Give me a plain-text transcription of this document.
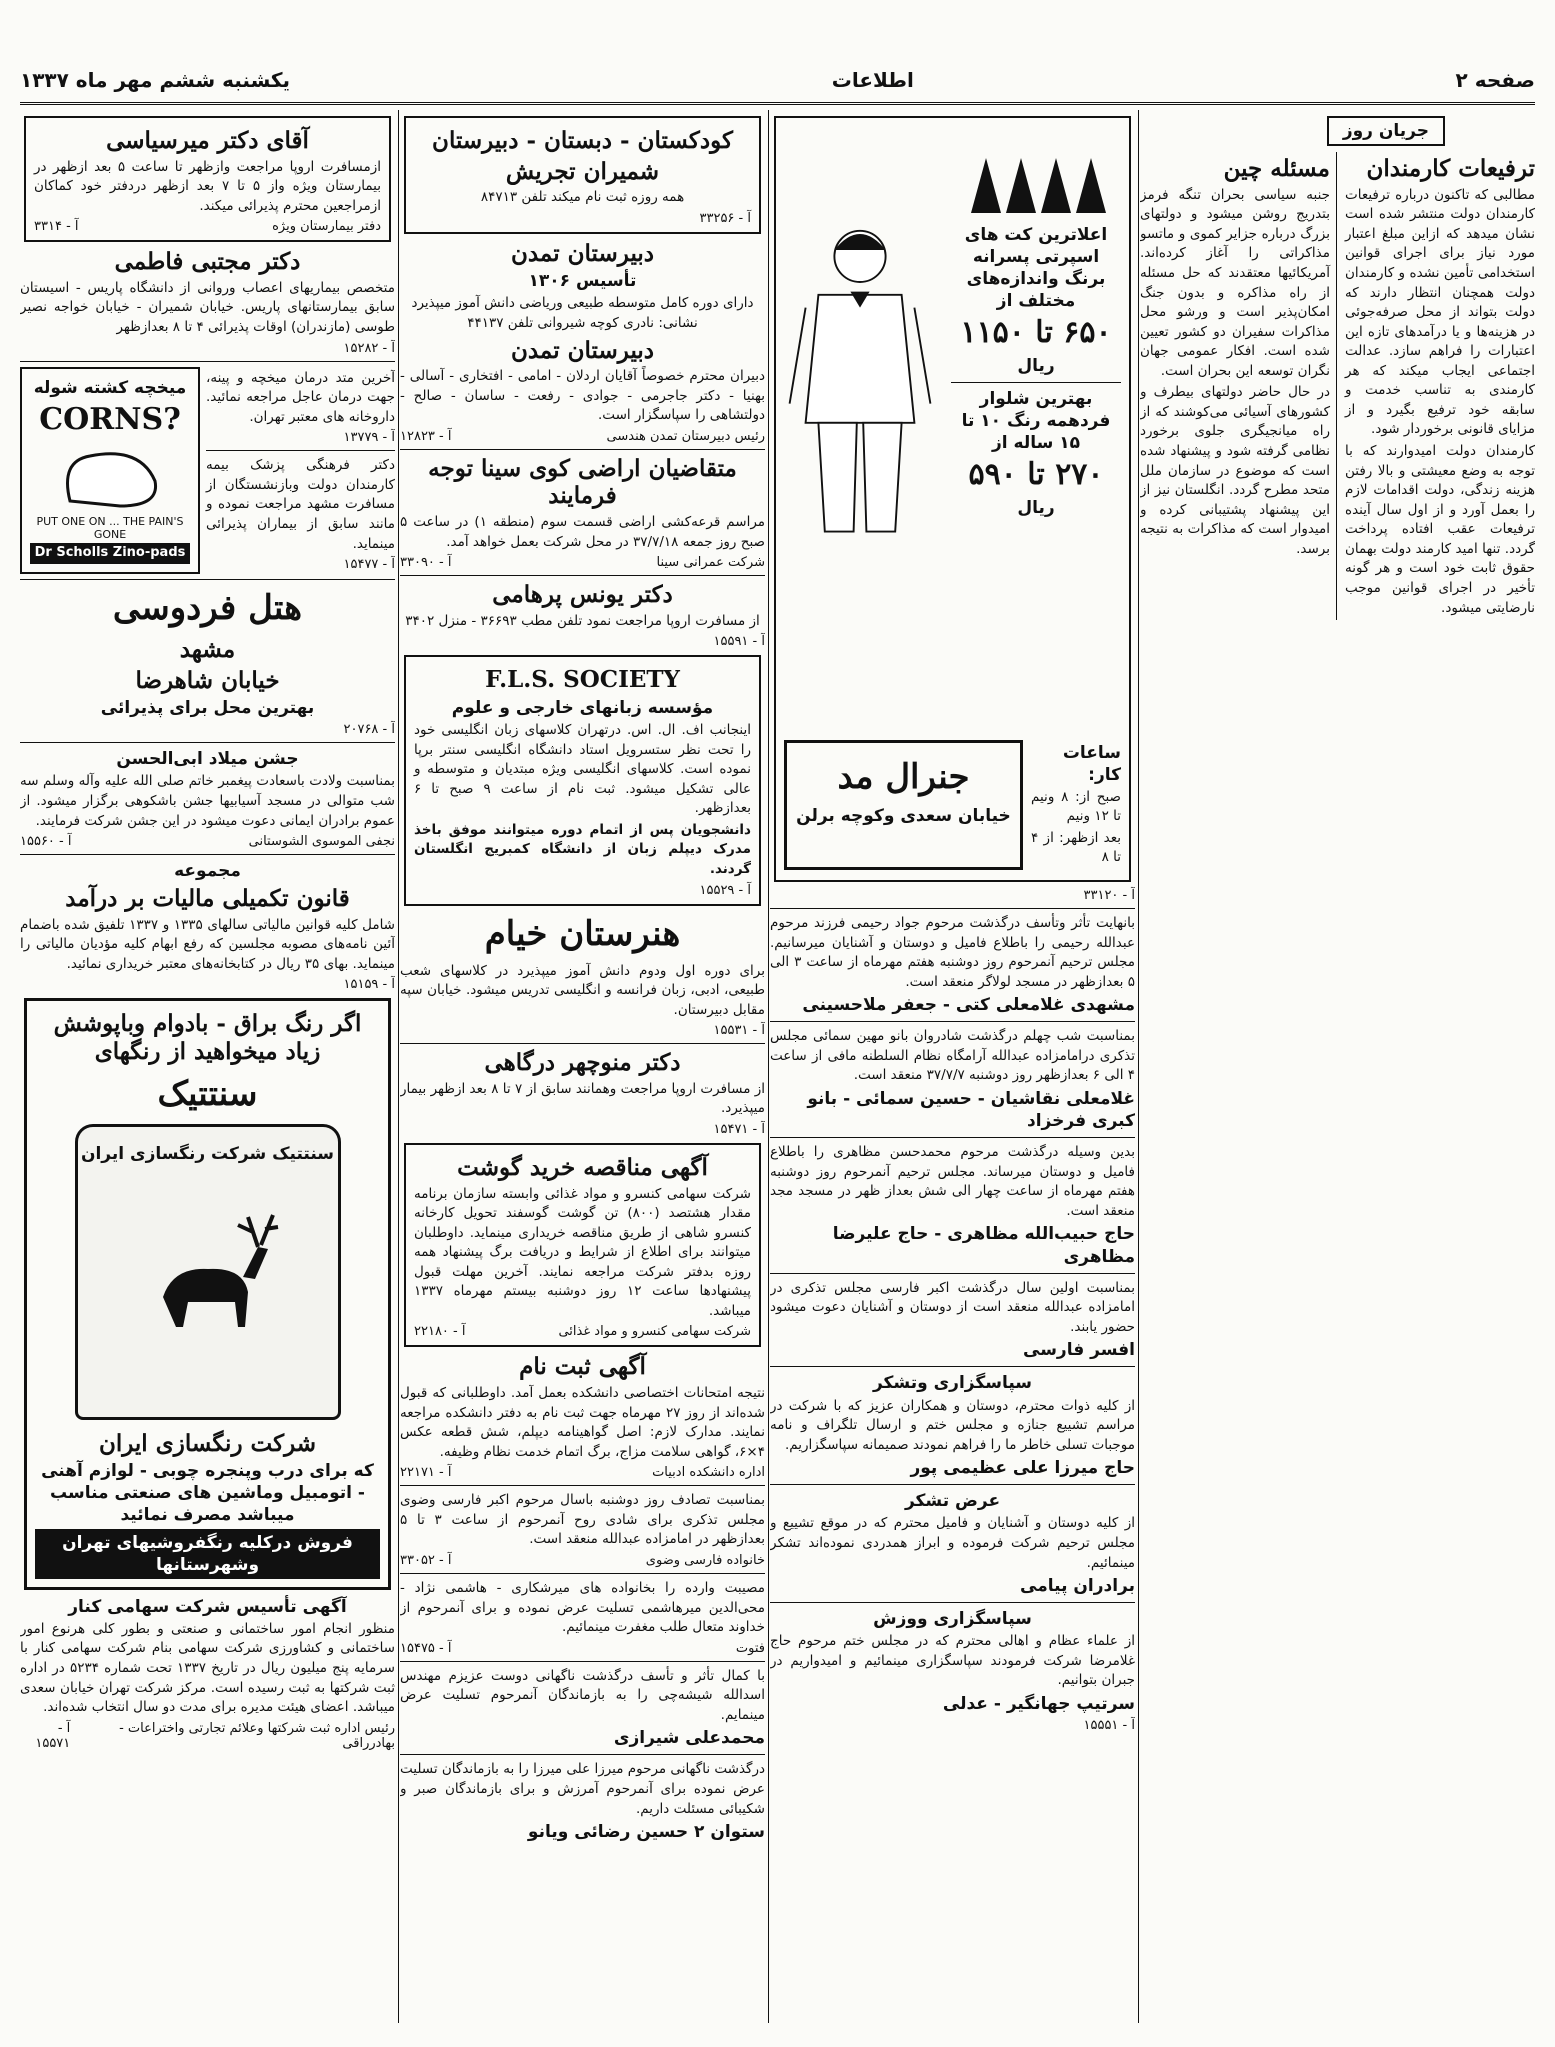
یکشنبه ششم مهر ماه ۱۳۳۷	اطلاعات	صفحه ۲
جریان روز
ترفیعات کارمندان

مطالبی که تاکنون درباره ترفیعات کارمندان دولت منتشر شده است نشان میدهد که ازاین مبلغ اعتبار مورد نیاز برای اجرای قوانین استخدامی تأمین نشده و کارمندان دولت همچنان انتظار دارند که دولت بتواند از محل صرفه‌جوئی در هزینه‌ها و یا درآمدهای تازه این اعتبارات را فراهم سازد. عدالت اجتماعی ایجاب میکند که هر کارمندی به تناسب خدمت و سابقه خود ترفیع بگیرد و از مزایای قانونی برخوردار شود.

کارمندان دولت امیدوارند که با توجه به وضع معیشتی و بالا رفتن هزینه زندگی، دولت اقدامات لازم را بعمل آورد و از اول سال آینده ترفیعات عقب افتاده پرداخت گردد. تنها امید کارمند دولت بهمان حقوق ثابت خود است و هر گونه تأخیر در اجرای قوانین موجب نارضایتی میشود.

مسئله چین

جنبه سیاسی بحران تنگه فرمز بتدریج روشن میشود و دولتهای بزرگ درباره جزایر کموی و ماتسو مذاکراتی را آغاز کرده‌اند. آمریکائیها معتقدند که حل مسئله از راه مذاکره و بدون جنگ امکان‌پذیر است و ورشو محل مذاکرات سفیران دو کشور تعیین شده است. افکار عمومی جهان نگران توسعه این بحران است.

در حال حاضر دولتهای بیطرف و کشورهای آسیائی می‌کوشند که از راه میانجیگری جلوی برخورد نظامی گرفته شود و پیشنهاد شده است که موضوع در سازمان ملل متحد مطرح گردد. انگلستان نیز از این پیشنهاد پشتیبانی کرده و امیدوار است که مذاکرات به نتیجه برسد.

اعلاترین کت های اسپرتی پسرانه برنگ واندازه‌های مختلف از
۶۵۰ تا ۱۱۵۰
ریال
بهترین شلوار فردهمه رنگ ۱۰ تا ۱۵ ساله از
۲۷۰ تا ۵۹۰
ریال
ساعات کار:
صبح از: ۸ ونیم تا ۱۲ ونیم
بعد ازظهر: از ۴ تا ۸
جنرال مد
خیابان سعدی وکوچه برلن
آ - ۳۳۱۲۰

بانهایت تأثر وتأسف درگذشت مرحوم جواد رحیمی فرزند مرحوم عبدالله رحیمی را باطلاع فامیل و دوستان و آشنایان میرسانیم. مجلس ترحیم آنمرحوم روز دوشنبه هفتم مهرماه از ساعت ۳ الی ۵ بعدازظهر در مسجد لولاگر منعقد است.

مشهدی غلامعلی کتی - جعفر ملاحسینی

بمناسبت شب چهلم درگذشت شادروان بانو مهین سمائی مجلس تذکری درامامزاده عبدالله آرامگاه نظام السلطنه مافی از ساعت ۴ الی ۶ بعدازظهر روز دوشنبه ۳۷/۷/۷ منعقد است.

غلامعلی نقاشیان - حسین سمائی - بانو کبری فرخزاد

بدین وسیله درگذشت مرحوم محمدحسن مظاهری را باطلاع فامیل و دوستان میرساند. مجلس ترحیم آنمرحوم روز دوشنبه هفتم مهرماه از ساعت چهار الی شش بعداز ظهر در مسجد مجد منعقد است.

حاج حبیب‌الله مظاهری - حاج علیرضا مظاهری

بمناسبت اولین سال درگذشت اکبر فارسی مجلس تذکری در امامزاده عبدالله منعقد است از دوستان و آشنایان دعوت میشود حضور یابند.

افسر فارسی
سپاسگزاری وتشکر

از کلیه ذوات محترم، دوستان و همکاران عزیز که با شرکت در مراسم تشییع جنازه و مجلس ختم و ارسال تلگراف و نامه موجبات تسلی خاطر ما را فراهم نمودند صمیمانه سپاسگزاریم.

حاج میرزا علی عظیمی پور
عرض تشکر

از کلیه دوستان و آشنایان و فامیل محترم که در موقع تشییع و مجلس ترحیم شرکت فرموده و ابراز همدردی نموده‌اند تشکر مینمائیم.

برادران پیامی
سپاسگزاری ووزش

از علماء عظام و اهالی محترم که در مجلس ختم مرحوم حاج غلامرضا شرکت فرمودند سپاسگزاری مینمائیم و امیدواریم در جبران بتوانیم.

سرتیپ جهانگیر - عدلی
آ - ۱۵۵۵۱
کودکستان - دبستان - دبیرستان
شمیران تجریش
همه روزه ثبت نام میکند تلفن ۸۴۷۱۳
آ - ۳۳۲۵۶
دبیرستان تمدن
تأسیس ۱۳۰۶

دارای دوره کامل متوسطه طبیعی وریاضی دانش آموز میپذیرد نشانی: نادری کوچه شیروانی تلفن ۴۴۱۳۷

دبیرستان تمدن

دبیران محترم خصوصاً آقایان اردلان - امامی - افتخاری - آسالی - بهنیا - دکتر جاجرمی - جوادی - رفعت - ساسان - صالح - دولتشاهی را سپاسگزار است.

رئیس دبیرستان تمدن هندسی
آ - ۱۲۸۲۳
متقاضیان اراضی کوی سینا توجه فرمایند

مراسم قرعه‌کشی اراضی قسمت سوم (منطقه ۱) در ساعت ۵ صبح روز جمعه ۳۷/۷/۱۸ در محل شرکت بعمل خواهد آمد.

شرکت عمرانی سینا
آ - ۳۳۰۹۰
دکتر یونس پرهامی

از مسافرت اروپا مراجعت نمود تلفن مطب ۳۶۶۹۳ - منزل ۳۴۰۲

آ - ۱۵۵۹۱
F.L.S. SOCIETY
مؤسسه زبانهای خارجی و علوم

اینجانب اف. ال. اس. درتهران کلاسهای زبان انگلیسی خود را تحت نظر ستسرویل استاد دانشگاه انگلیسی سنتر برپا نموده است. کلاسهای انگلیسی ویژه مبتدیان و متوسطه و عالی تشکیل میشود. ثبت نام از ساعت ۹ صبح تا ۶ بعدازظهر.

دانشجویان پس از اتمام دوره میتوانند موفق باخذ مدرک دیپلم زبان از دانشگاه کمبریج انگلستان گردند.

آ - ۱۵۵۲۹
هنرستان خیام

برای دوره اول ودوم دانش آموز میپذیرد در کلاسهای شعب طبیعی، ادبی، زبان فرانسه و انگلیسی تدریس میشود. خیابان سپه مقابل دبیرستان.

آ - ۱۵۵۳۱
دکتر منوچهر درگاهی

از مسافرت اروپا مراجعت وهمانند سابق از ۷ تا ۸ بعد ازظهر بیمار میپذیرد.

آ - ۱۵۴۷۱
آگهی مناقصه خرید گوشت

شرکت سهامی کنسرو و مواد غذائی وابسته سازمان برنامه مقدار هشتصد (۸۰۰) تن گوشت گوسفند تحویل کارخانه کنسرو شاهی از طریق مناقصه خریداری مینماید. داوطلبان میتوانند برای اطلاع از شرایط و دریافت برگ پیشنهاد همه روزه بدفتر شرکت مراجعه نمایند. آخرین مهلت قبول پیشنهادها ساعت ۱۲ روز دوشنبه بیستم مهرماه ۱۳۳۷ میباشد.

شرکت سهامی کنسرو و مواد غذائی
آ - ۲۲۱۸۰
آگهی ثبت نام

نتیجه امتحانات اختصاصی دانشکده بعمل آمد. داوطلبانی که قبول شده‌اند از روز ۲۷ مهرماه جهت ثبت نام به دفتر دانشکده مراجعه نمایند. مدارک لازم: اصل گواهینامه دیپلم، شش قطعه عکس ۴×۶، گواهی سلامت مزاج، برگ اتمام خدمت نظام وظیفه.

اداره دانشکده ادبیات
آ - ۲۲۱۷۱

بمناسبت تصادف روز دوشنبه باسال مرحوم اکبر فارسی وضوی مجلس تذکری برای شادی روح آنمرحوم از ساعت ۳ تا ۵ بعدازظهر در امامزاده عبدالله منعقد است.

خانواده فارسی وضوی
آ - ۳۳۰۵۲

مصیبت وارده را بخانواده های میرشکاری - هاشمی نژاد - محی‌الدین میرهاشمی تسلیت عرض نموده و برای آنمرحوم از خداوند متعال طلب مغفرت مینمائیم.

فتوت
آ - ۱۵۴۷۵

با کمال تأثر و تأسف درگذشت ناگهانی دوست عزیزم مهندس اسدالله شیشه‌چی را به بازماندگان آنمرحوم تسلیت عرض مینمایم.

محمدعلی شیرازی

درگذشت ناگهانی مرحوم میرزا علی میرزا را به بازماندگان تسلیت عرض نموده برای آنمرحوم آمرزش و برای بازماندگان صبر و شکیبائی مسئلت داریم.

ستوان ۲ حسین رضائی ویانو
آقای دکتر میرسیاسی

ازمسافرت اروپا مراجعت وازظهر تا ساعت ۵ بعد ازظهر در بیمارستان ویژه واز ۵ تا ۷ بعد ازظهر دردفتر خود کماکان ازمراجعین محترم پذیرائی میکند.

دفتر بیمارستان ویژه
آ - ۳۳۱۴
دکتر مجتبی فاطمی

متخصص بیماریهای اعصاب وروانی از دانشگاه پاریس - اسیستان سابق بیمارستانهای پاریس. خیابان شمیران - خیابان خواجه نصیر طوسی (مازندران) اوقات پذیرائی ۴ تا ۸ بعدازظهر

آ - ۱۵۲۸۲

آخرین متد درمان میخچه و پینه، جهت درمان عاجل مراجعه نمائید. داروخانه های معتبر تهران.

آ - ۱۳۷۷۹

دکتر فرهنگی پزشک بیمه کارمندان دولت وبازنشستگان از مسافرت مشهد مراجعت نموده و مانند سابق از بیماران پذیرائی مینماید.

آ - ۱۵۴۷۷
میخچه کشته شوله
CORNS?
PUT ONE ON ... THE PAIN'S GONE
Dr Scholls Zino-pads
هتل فردوسی
مشهد
خیابان شاهرضا
بهترین محل برای پذیرائی
آ - ۲۰۷۶۸
جشن میلاد ابی‌الحسن

بمناسبت ولادت باسعادت پیغمبر خاتم صلی الله علیه وآله وسلم سه شب متوالی در مسجد آسیابیها جشن باشکوهی برگزار میشود. از عموم برادران ایمانی دعوت میشود در این جشن شرکت فرمایند.

نجفی الموسوی الشوستانی
آ - ۱۵۵۶۰
مجموعه
قانون تکمیلی مالیات بر درآمد

شامل کلیه قوانین مالیاتی سالهای ۱۳۳۵ و ۱۳۳۷ تلفیق شده باضمام آئین نامه‌های مصوبه مجلسین که رفع ابهام کلیه مؤدیان مالیاتی را مینماید. بهای ۳۵ ریال در کتابخانه‌های معتبر خریداری نمائید.

آ - ۱۵۱۵۹
اگر رنگ براق - بادوام وباپوشش زیاد میخواهید از رنگهای
سنتتیک
سنتتیک شرکت رنگسازی ایران
شرکت رنگسازی ایران
که برای درب وپنجره چوبی - لوازم آهنی - اتومبیل وماشین های صنعتی مناسب میباشد مصرف نمائید
فروش درکلیه رنگفروشیهای تهران وشهرستانها
آگهی تأسیس شرکت سهامی کنار

منظور انجام امور ساختمانی و صنعتی و بطور کلی هرنوع امور ساختمانی و کشاورزی شرکت سهامی بنام شرکت سهامی کنار با سرمایه پنج میلیون ریال در تاریخ ۱۳۳۷ تحت شماره ۵۲۳۴ در اداره ثبت شرکتها به ثبت رسیده است. مرکز شرکت تهران خیابان سعدی میباشد. اعضای هیئت مدیره برای مدت دو سال انتخاب شده‌اند.

رئیس اداره ثبت شرکتها وعلائم تجارتی واختراعات - بهادرراقی
آ - ۱۵۵۷۱
